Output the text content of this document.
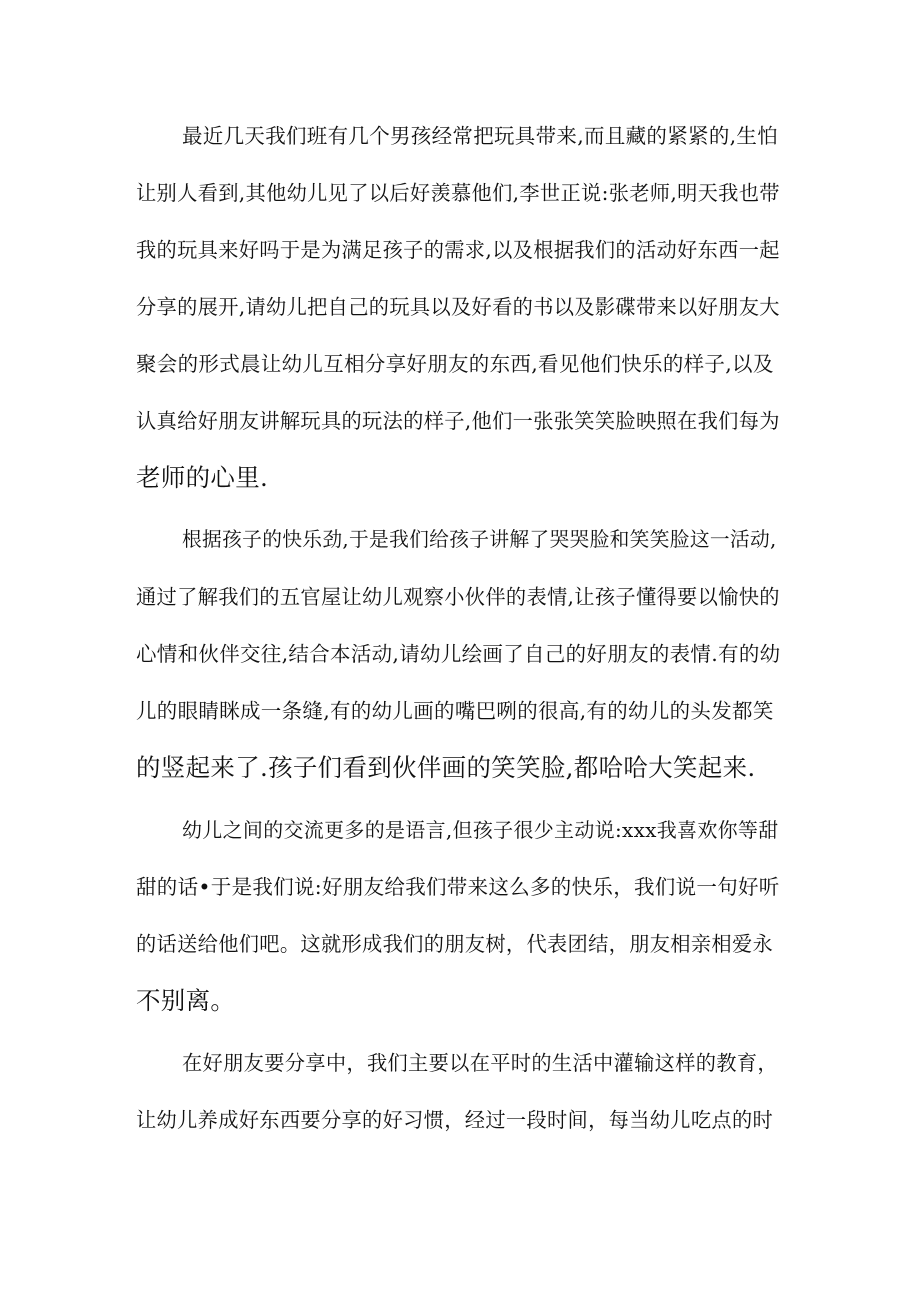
最近几天我们班有几个男孩经常把玩具带来,而且藏的紧紧的,生怕
让别人看到,其他幼儿见了以后好羡慕他们,李世正说:张老师,明天我也带
我的玩具来好吗于是为满足孩子的需求,以及根据我们的活动好东西一起
分享的展开,请幼儿把自己的玩具以及好看的书以及影碟带来以好朋友大
聚会的形式晨让幼儿互相分享好朋友的东西,看见他们快乐的样子,以及
认真给好朋友讲解玩具的玩法的样子,他们一张张笑笑脸映照在我们每为
老师的心里.
根据孩子的快乐劲,于是我们给孩子讲解了哭哭脸和笑笑脸这一活动,
通过了解我们的五官屋让幼儿观察小伙伴的表情,让孩子懂得要以愉快的
心情和伙伴交往,结合本活动,请幼儿绘画了自己的好朋友的表情.有的幼
儿的眼睛眯成一条缝,有的幼儿画的嘴巴咧的很高,有的幼儿的头发都笑
的竖起来了.孩子们看到伙伴画的笑笑脸,都哈哈大笑起来.
幼儿之间的交流更多的是语言,但孩子很少主动说:xxx我喜欢你等甜
甜的话•于是我们说:好朋友给我们带来这么多的快乐，我们说一句好听
的话送给他们吧。这就形成我们的朋友树，代表团结，朋友相亲相爱永
不别离。
在好朋友要分享中，我们主要以在平时的生活中灌输这样的教育，
让幼儿养成好东西要分享的好习惯，经过一段时间，每当幼儿吃点的时
